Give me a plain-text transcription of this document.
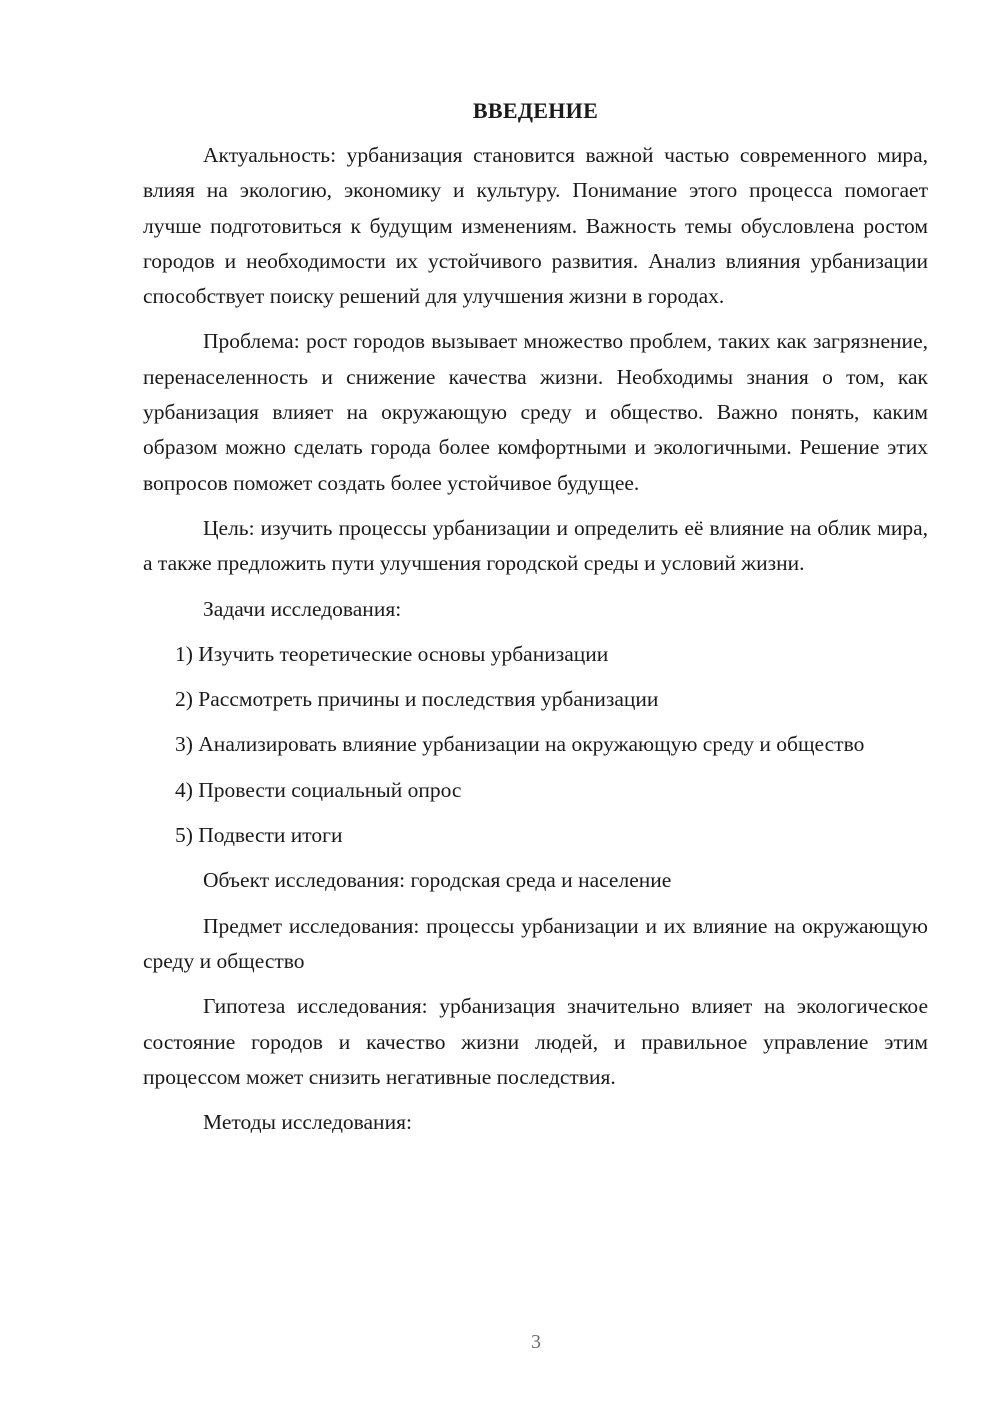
ВВЕДЕНИЕ

Актуальность: урбанизация становится важной частью современного мира, влияя на экологию, экономику и культуру. Понимание этого процесса помогает лучше подготовиться к будущим изменениям. Важность темы обусловлена ростом городов и необходимости их устойчивого развития. Анализ влияния урбанизации способствует поиску решений для улучшения жизни в городах.

Проблема: рост городов вызывает множество проблем, таких как загрязнение, перенаселенность и снижение качества жизни. Необходимы знания о том, как урбанизация влияет на окружающую среду и общество. Важно понять, каким образом можно сделать города более комфортными и экологичными. Решение этих вопросов поможет создать более устойчивое будущее.

Цель: изучить процессы урбанизации и определить её влияние на облик мира, а также предложить пути улучшения городской среды и условий жизни.

Задачи исследования:

1) Изучить теоретические основы урбанизации

2) Рассмотреть причины и последствия урбанизации

3) Анализировать влияние урбанизации на окружающую среду и общество

4) Провести социальный опрос

5) Подвести итоги

Объект исследования: городская среда и население

Предмет исследования: процессы урбанизации и их влияние на окружающую среду и общество

Гипотеза исследования: урбанизация значительно влияет на экологическое состояние городов и качество жизни людей, и правильное управление этим процессом может снизить негативные последствия.

Методы исследования:

3
